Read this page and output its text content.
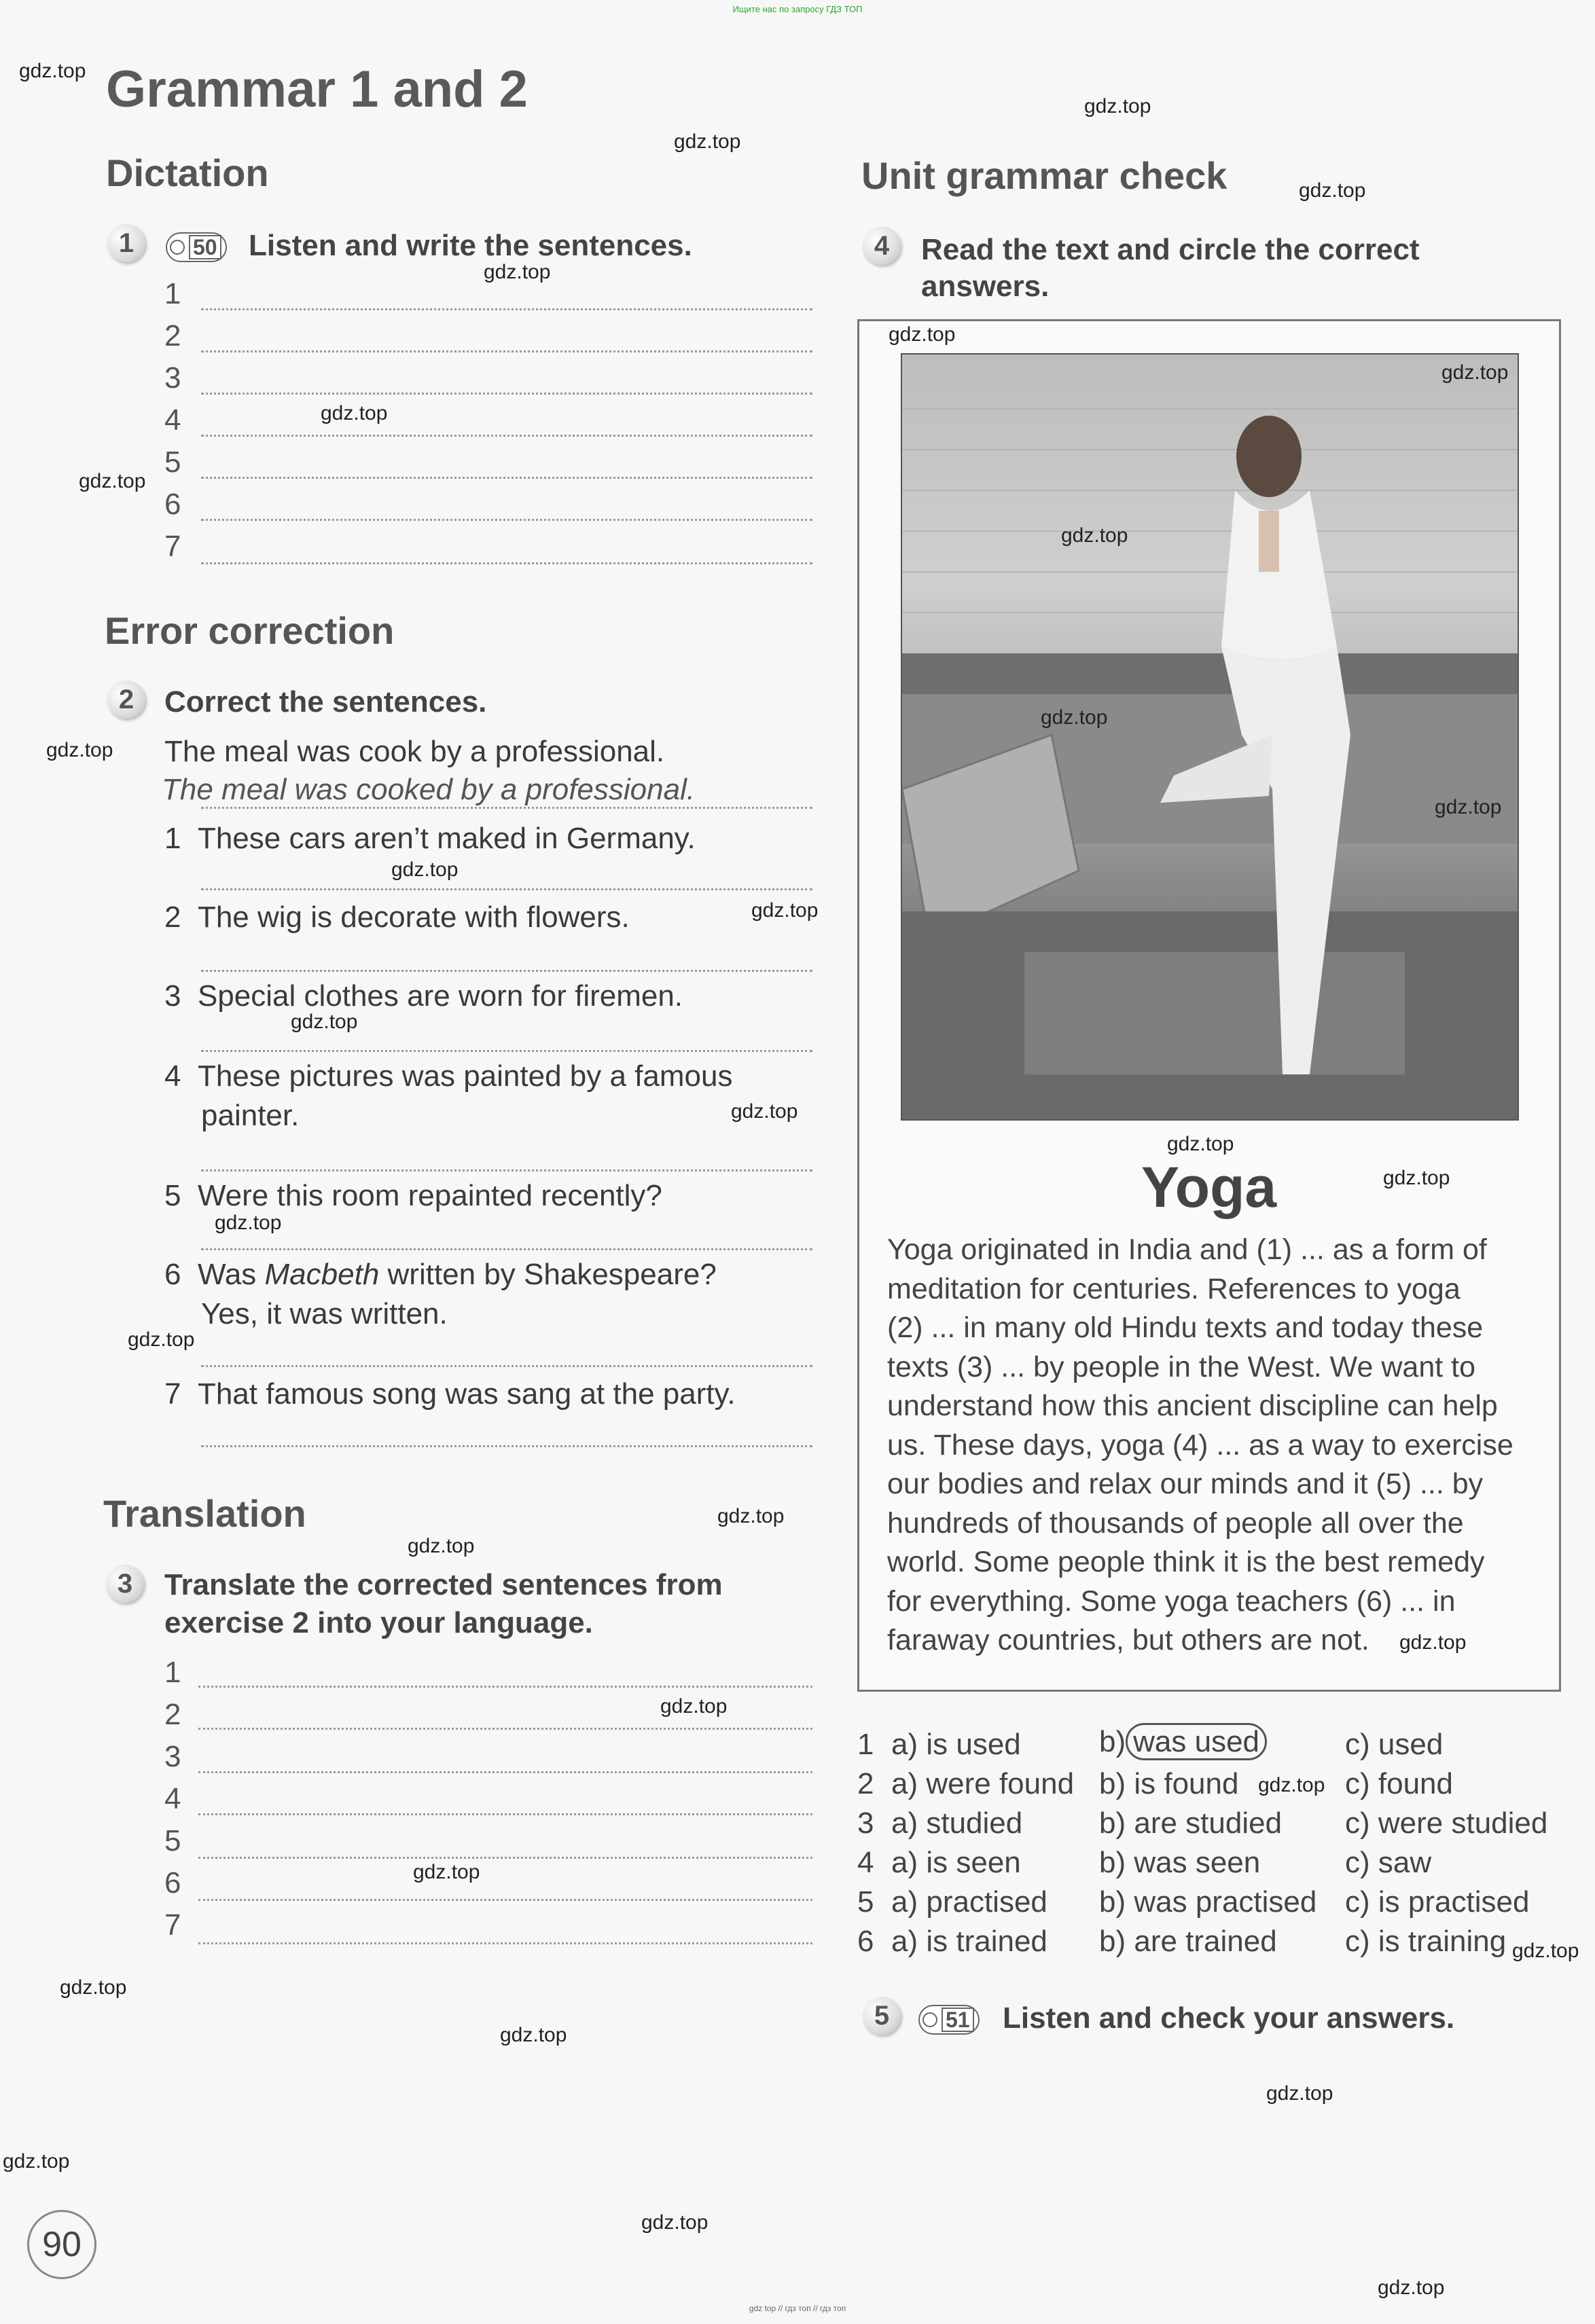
Ищите нас по запросу ГДЗ ТОП
gdz top // гдз топ // гдз топ
Grammar 1 and 2
Dictation
1	50 Listen and write the sentences.
1
2
3
4
5
6
7
Error correction
2	Correct the sentences.
The meal was cook by a professional.
The meal was cooked by a professional.
1 These cars aren’t maked in Germany.
2 The wig is decorate with flowers.
3 Special clothes are worn for firemen.
4 These pictures was painted by a famous
painter.
5 Were this room repainted recently?
6 Was Macbeth written by Shakespeare?
Yes, it was written.
7 That famous song was sang at the party.
Translation
3	Translate the corrected sentences from
exercise 2 into your language.
1
2
3
4
5
6
7
Unit grammar check
4	Read the text and circle the correct
answers.
Yoga
Yoga originated in India and (1) ... as a form of
meditation for centuries. References to yoga
(2) ... in many old Hindu texts and today these
texts (3) ... by people in the West. We want to
understand how this ancient discipline can help
us. These days, yoga (4) ... as a way to exercise
our bodies and relax our minds and it (5) ... by
hundreds of thousands of people all over the
world. Some people think it is the best remedy
for everything. Some yoga teachers (6) ... in
faraway countries, but others are not.
1 a) is used	b) was used	c) used
2 a) were found b) is found	c) found
3 a) studied	b) are studied c) were studied
4 a) is seen	b) was seen	c) saw
5 a) practised b) was practised c) is practised
6 a) is trained b) are trained c) is training
5	51 Listen and check your answers.
90
gdz.top
gdz.top
gdz.top
gdz.top
gdz.top
gdz.top
gdz.top
gdz.top
gdz.top
gdz.top
gdz.top
gdz.top
gdz.top
gdz.top
gdz.top
gdz.top
gdz.top
gdz.top
gdz.top
gdz.top
gdz.top
gdz.top
gdz.top
gdz.top
gdz.top
gdz.top
gdz.top
gdz.top
gdz.top
gdz.top
gdz.top
gdz.top
gdz.top
gdz.top
